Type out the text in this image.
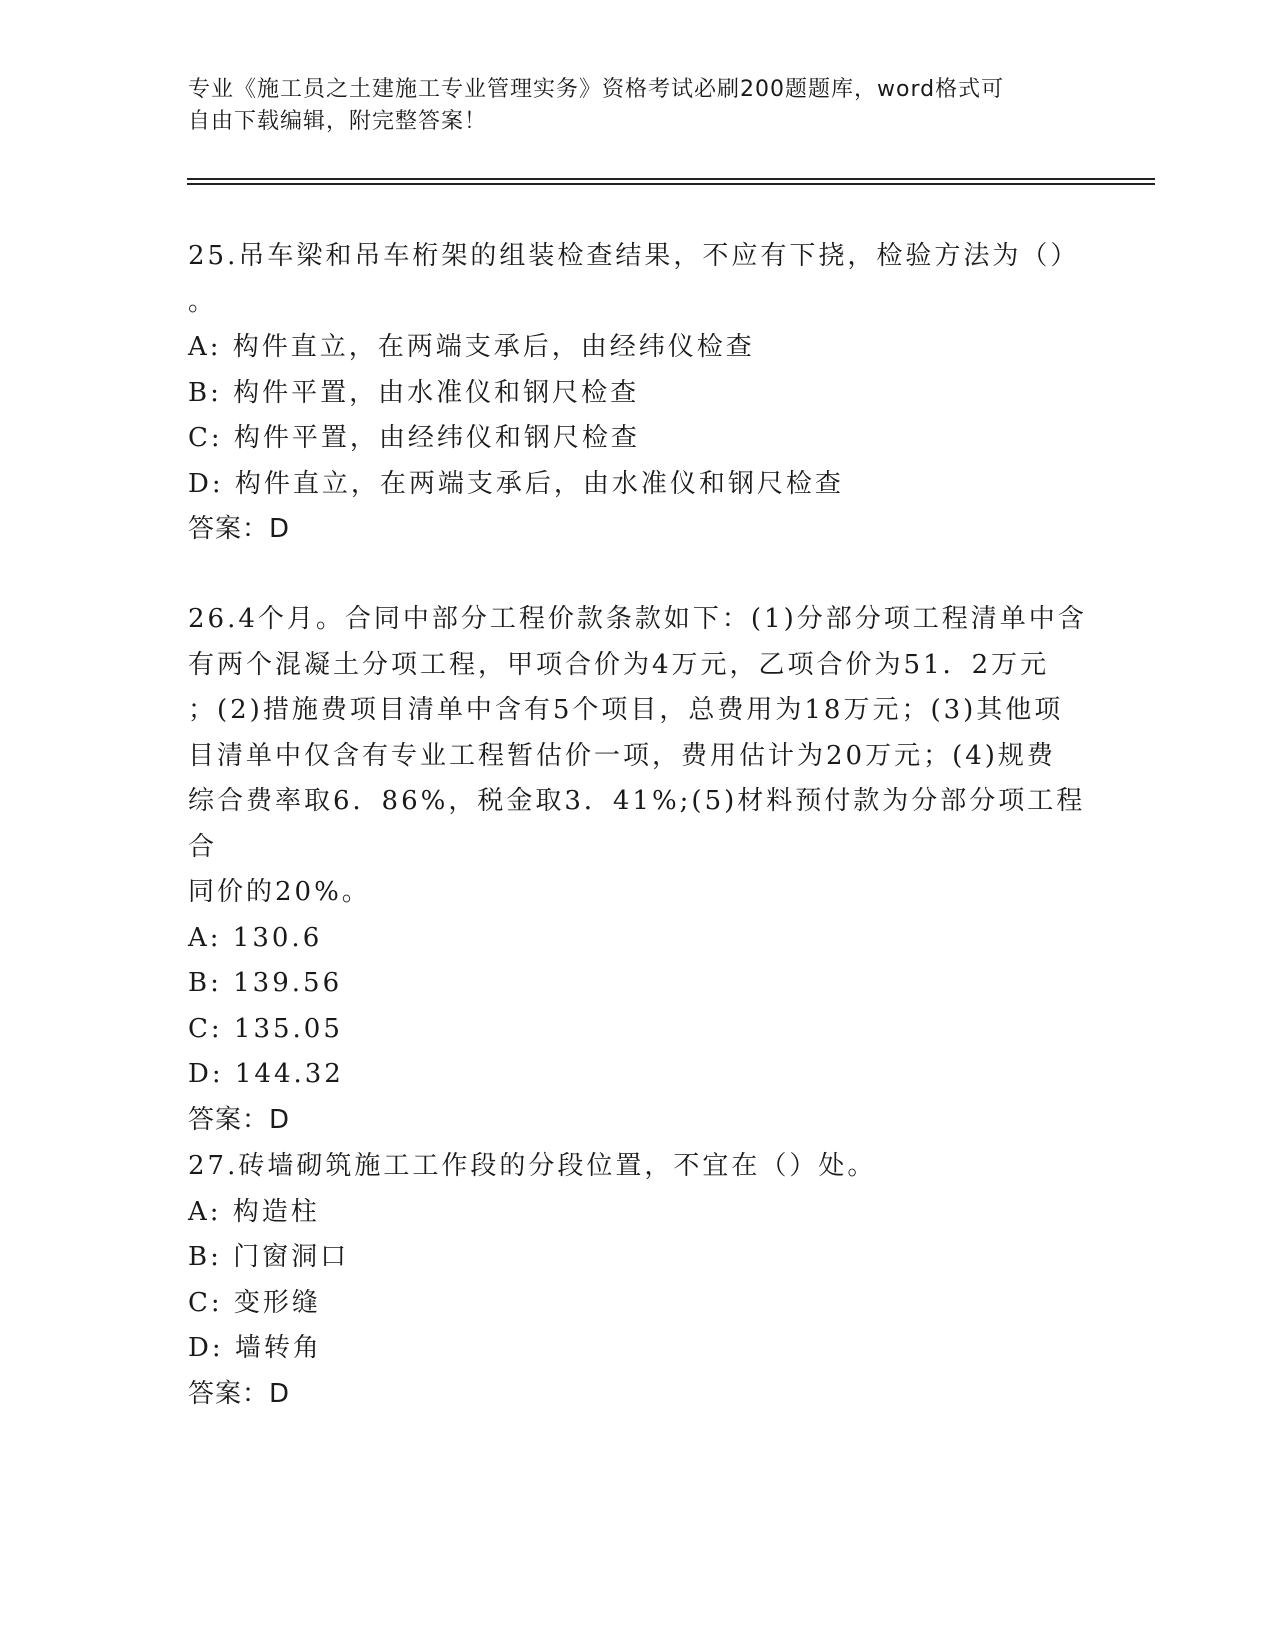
专业《施工员之土建施工专业管理实务》资格考试必刷200题题库，word格式可
自由下载编辑，附完整答案！

25.吊车梁和吊车桁架的组装检查结果，不应有下挠，检验方法为（）

。

A: 构件直立，在两端支承后，由经纬仪检查

B: 构件平置，由水准仪和钢尺检查

C: 构件平置，由经纬仪和钢尺检查

D: 构件直立，在两端支承后，由水准仪和钢尺检查

答案：D

26.4个月。合同中部分工程价款条款如下：(1)分部分项工程清单中含

有两个混凝土分项工程，甲项合价为4万元，乙项合价为51．2万元

；(2)措施费项目清单中含有5个项目，总费用为18万元；(3)其他项

目清单中仅含有专业工程暂估价一项，费用估计为20万元；(4)规费

综合费率取6．86%，税金取3．41%;(5)材料预付款为分部分项工程合

同价的20%。

A: 130.6

B: 139.56

C: 135.05

D: 144.32

答案：D

27.砖墙砌筑施工工作段的分段位置，不宜在（）处。

A: 构造柱

B: 门窗洞口

C: 变形缝

D: 墙转角

答案：D
